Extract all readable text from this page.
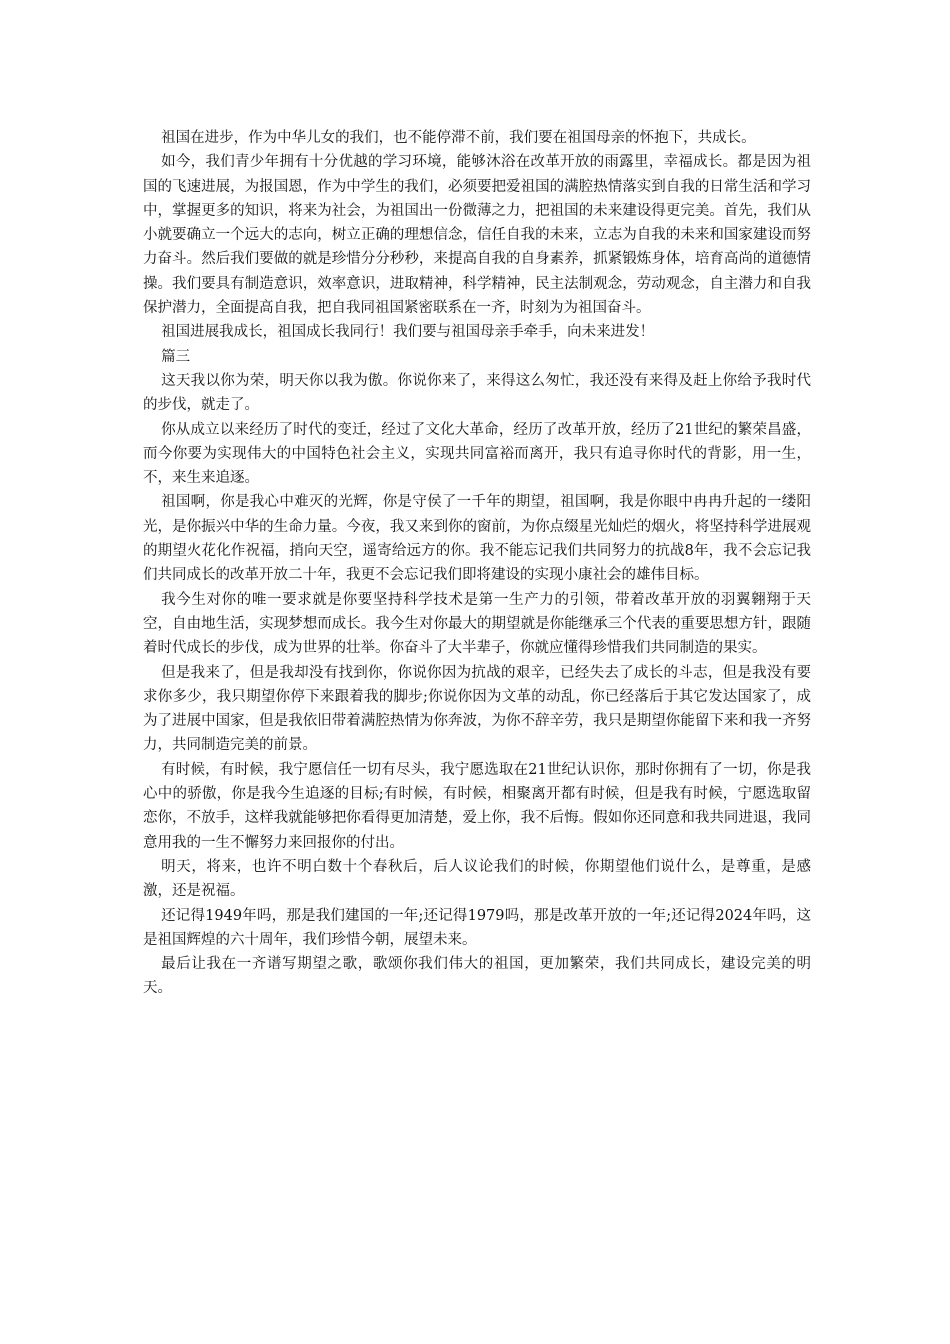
祖国在进步，作为中华儿女的我们，也不能停滞不前，我们要在祖国母亲的怀抱下，共成长。

如今，我们青少年拥有十分优越的学习环境，能够沐浴在改革开放的雨露里，幸福成长。都是因为祖国的飞速进展，为报国恩，作为中学生的我们，必须要把爱祖国的满腔热情落实到自我的日常生活和学习中，掌握更多的知识，将来为社会，为祖国出一份微薄之力，把祖国的未来建设得更完美。首先，我们从小就要确立一个远大的志向，树立正确的理想信念，信任自我的未来，立志为自我的未来和国家建设而努力奋斗。然后我们要做的就是珍惜分分秒秒，来提高自我的自身素养，抓紧锻炼身体，培育高尚的道德情操。我们要具有制造意识，效率意识，进取精神，科学精神，民主法制观念，劳动观念，自主潜力和自我保护潜力，全面提高自我，把自我同祖国紧密联系在一齐，时刻为为祖国奋斗。

祖国进展我成长，祖国成长我同行！我们要与祖国母亲手牵手，向未来进发！

篇三

这天我以你为荣，明天你以我为傲。你说你来了，来得这么匆忙，我还没有来得及赶上你给予我时代的步伐，就走了。

你从成立以来经历了时代的变迁，经过了文化大革命，经历了改革开放，经历了21世纪的繁荣昌盛，而今你要为实现伟大的中国特色社会主义，实现共同富裕而离开，我只有追寻你时代的背影，用一生，不，来生来追逐。

祖国啊，你是我心中难灭的光辉，你是守侯了一千年的期望，祖国啊，我是你眼中冉冉升起的一缕阳光，是你振兴中华的生命力量。今夜，我又来到你的窗前，为你点缀星光灿烂的烟火，将坚持科学进展观的期望火花化作祝福，捎向天空，遥寄给远方的你。我不能忘记我们共同努力的抗战8年，我不会忘记我们共同成长的改革开放二十年，我更不会忘记我们即将建设的实现小康社会的雄伟目标。

我今生对你的唯一要求就是你要坚持科学技术是第一生产力的引领，带着改革开放的羽翼翱翔于天空，自由地生活，实现梦想而成长。我今生对你最大的期望就是你能继承三个代表的重要思想方针，跟随着时代成长的步伐，成为世界的壮举。你奋斗了大半辈子，你就应懂得珍惜我们共同制造的果实。

但是我来了，但是我却没有找到你，你说你因为抗战的艰辛，已经失去了成长的斗志，但是我没有要求你多少，我只期望你停下来跟着我的脚步;你说你因为文革的动乱，你已经落后于其它发达国家了，成为了进展中国家，但是我依旧带着满腔热情为你奔波，为你不辞辛劳，我只是期望你能留下来和我一齐努力，共同制造完美的前景。

有时候，有时候，我宁愿信任一切有尽头，我宁愿选取在21世纪认识你，那时你拥有了一切，你是我心中的骄傲，你是我今生追逐的目标;有时候，有时候，相聚离开都有时候，但是我有时候，宁愿选取留恋你，不放手，这样我就能够把你看得更加清楚，爱上你，我不后悔。假如你还同意和我共同进退，我同意用我的一生不懈努力来回报你的付出。

明天，将来，也许不明白数十个春秋后，后人议论我们的时候，你期望他们说什么，是尊重，是感激，还是祝福。

还记得1949年吗，那是我们建国的一年;还记得1979吗，那是改革开放的一年;还记得2024年吗，这是祖国辉煌的六十周年，我们珍惜今朝，展望未来。

最后让我在一齐谱写期望之歌，歌颂你我们伟大的祖国，更加繁荣，我们共同成长，建设完美的明天。
